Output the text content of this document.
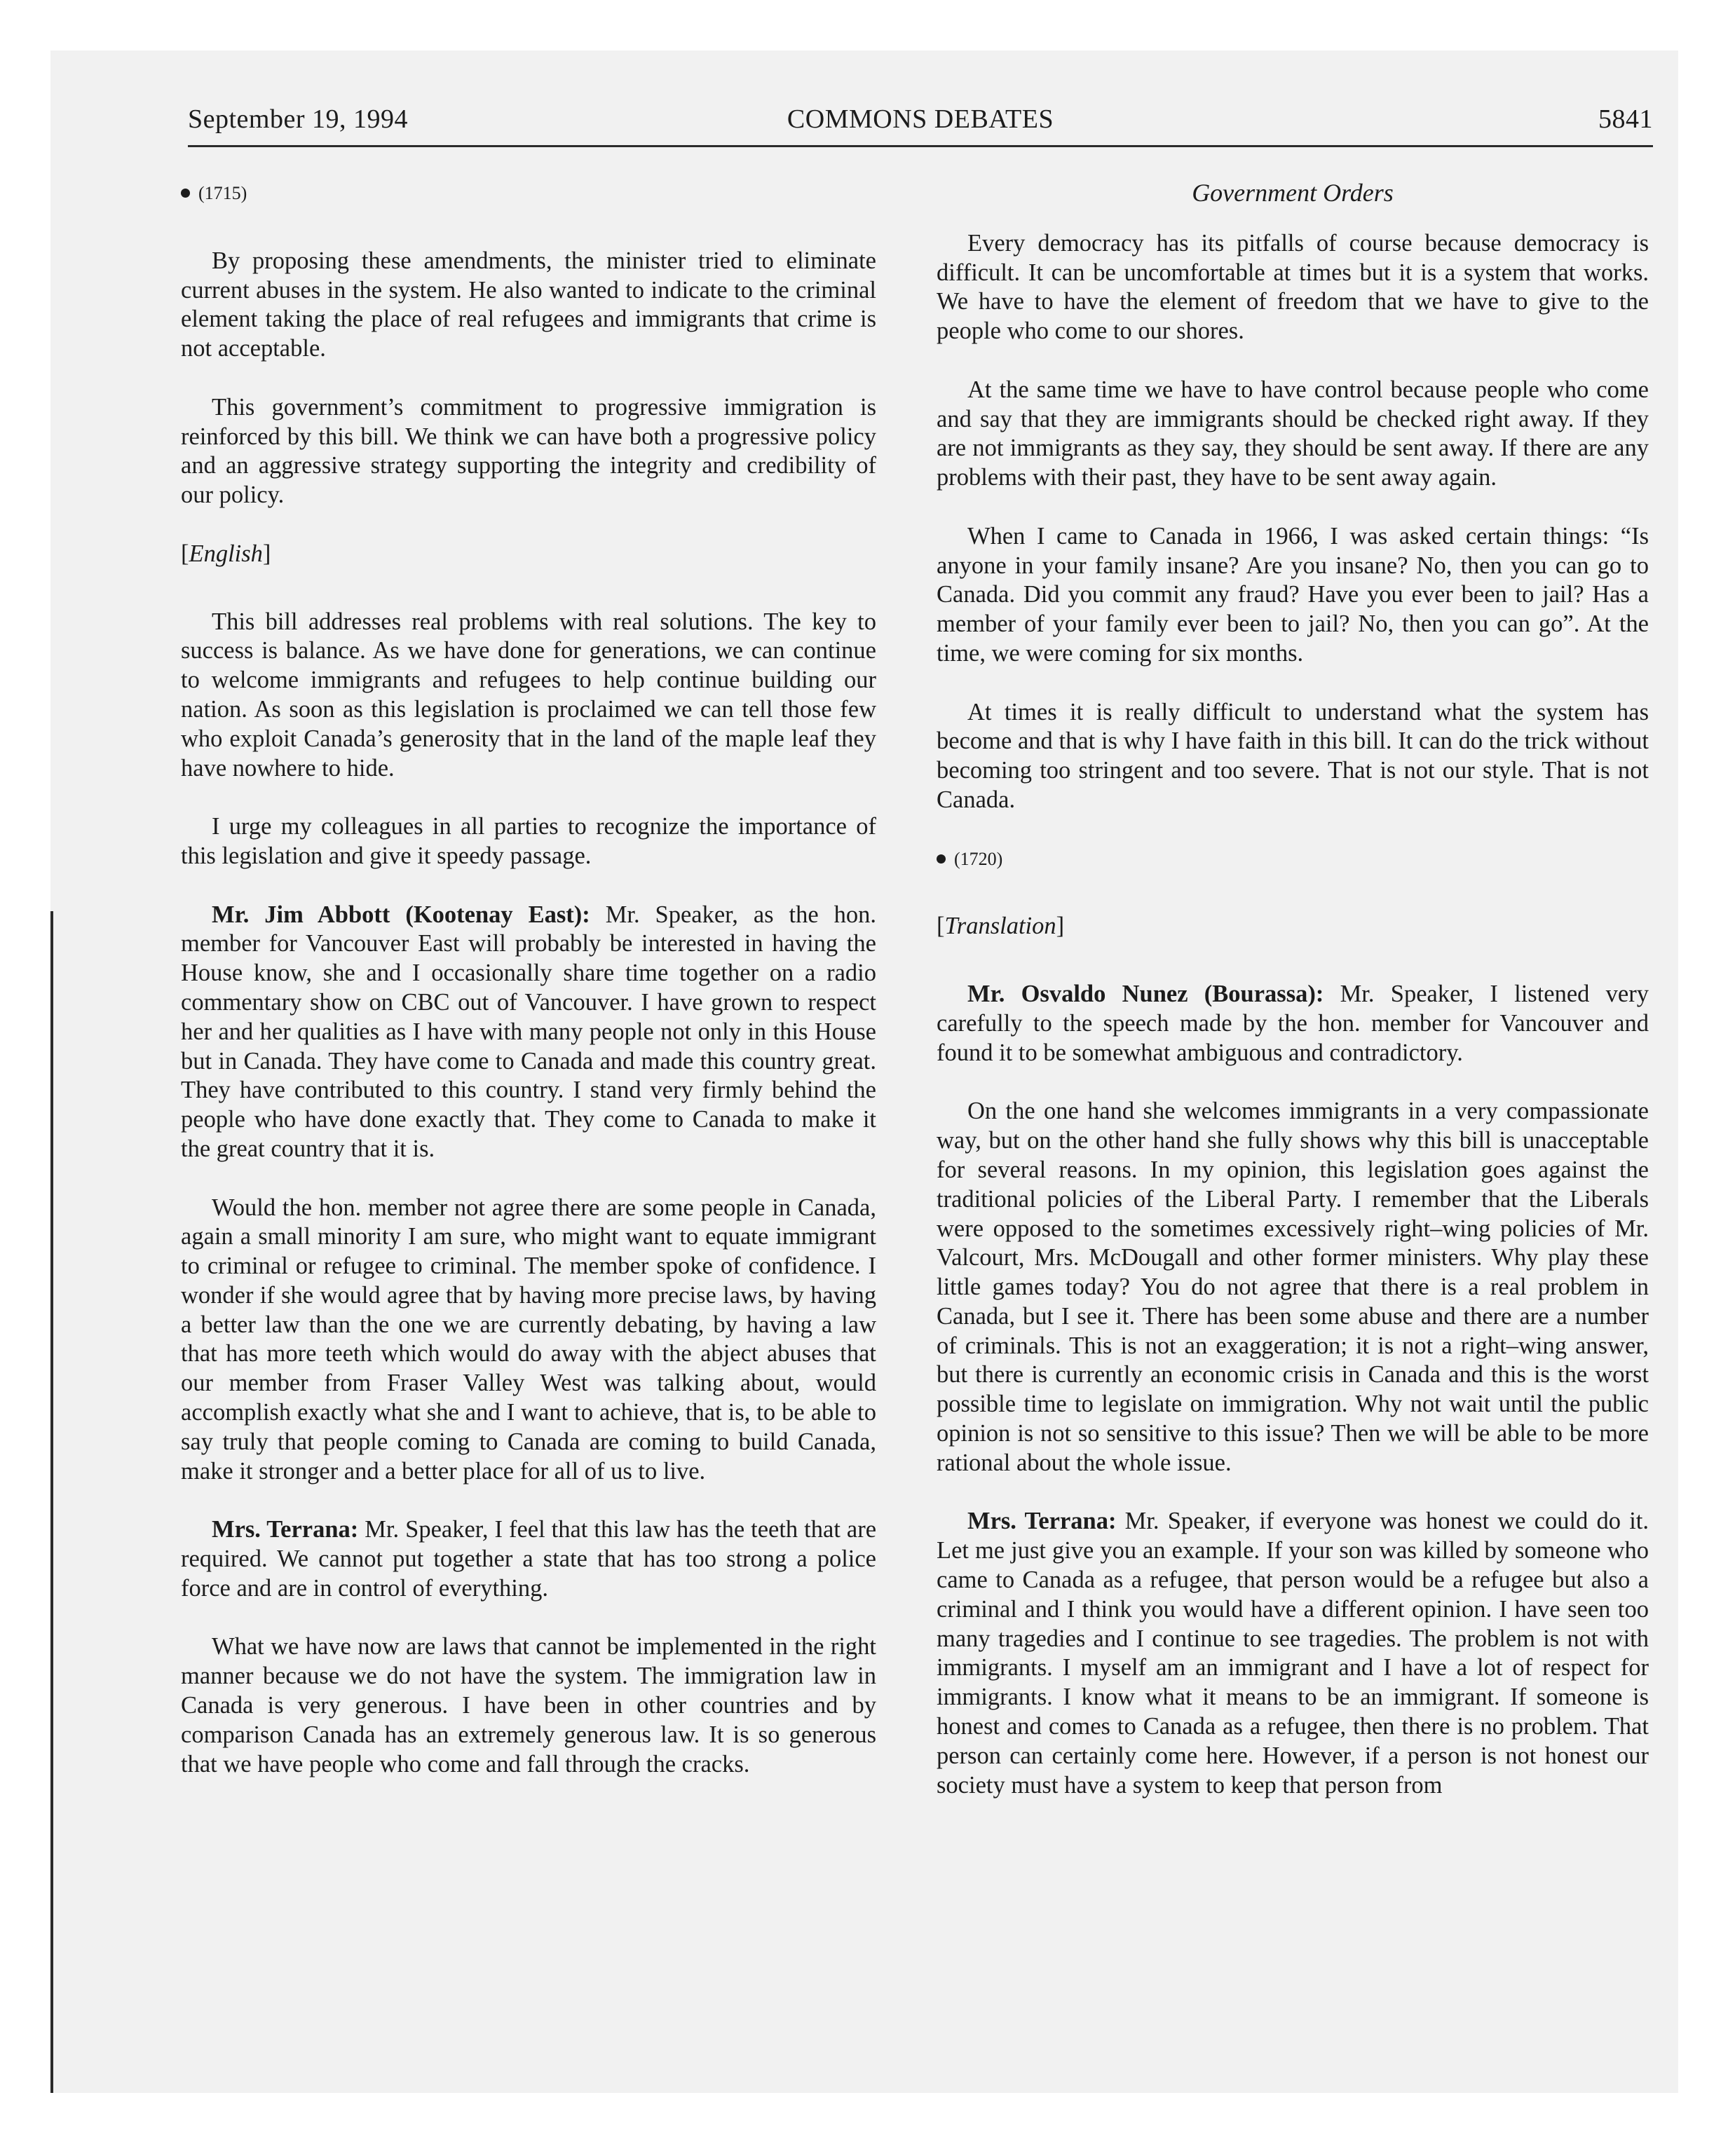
COMMONS DEBATES
September 19, 1994	5841

(1715)

By proposing these amendments, the minister tried to eliminate current abuses in the system. He also wanted to indicate to the criminal element taking the place of real refugees and immigrants that crime is not acceptable.

This government’s commitment to progressive immigration is reinforced by this bill. We think we can have both a progressive policy and an aggressive strategy supporting the integrity and credibility of our policy.

[English]

This bill addresses real problems with real solutions. The key to success is balance. As we have done for generations, we can continue to welcome immigrants and refugees to help continue building our nation. As soon as this legislation is proclaimed we can tell those few who exploit Canada’s generosity that in the land of the maple leaf they have nowhere to hide.

I urge my colleagues in all parties to recognize the importance of this legislation and give it speedy passage.

Mr. Jim Abbott (Kootenay East): Mr. Speaker, as the hon. member for Vancouver East will probably be interested in having the House know, she and I occasionally share time together on a radio commentary show on CBC out of Vancouver. I have grown to respect her and her qualities as I have with many people not only in this House but in Canada. They have come to Canada and made this country great. They have contributed to this country. I stand very firmly behind the people who have done exactly that. They come to Canada to make it the great country that it is.

Would the hon. member not agree there are some people in Canada, again a small minority I am sure, who might want to equate immigrant to criminal or refugee to criminal. The member spoke of confidence. I wonder if she would agree that by having more precise laws, by having a better law than the one we are currently debating, by having a law that has more teeth which would do away with the abject abuses that our member from Fraser Valley West was talking about, would accomplish exactly what she and I want to achieve, that is, to be able to say truly that people coming to Canada are coming to build Canada, make it stronger and a better place for all of us to live.

Mrs. Terrana: Mr. Speaker, I feel that this law has the teeth that are required. We cannot put together a state that has too strong a police force and are in control of everything.

What we have now are laws that cannot be implemented in the right manner because we do not have the system. The immigration law in Canada is very generous. I have been in other countries and by comparison Canada has an extremely generous law. It is so generous that we have people who come and fall through the cracks.

Government Orders

Every democracy has its pitfalls of course because democracy is difficult. It can be uncomfortable at times but it is a system that works. We have to have the element of freedom that we have to give to the people who come to our shores.

At the same time we have to have control because people who come and say that they are immigrants should be checked right away. If they are not immigrants as they say, they should be sent away. If there are any problems with their past, they have to be sent away again.

When I came to Canada in 1966, I was asked certain things: “Is anyone in your family insane? Are you insane? No, then you can go to Canada. Did you commit any fraud? Have you ever been to jail? Has a member of your family ever been to jail? No, then you can go”. At the time, we were coming for six months.

At times it is really difficult to understand what the system has become and that is why I have faith in this bill. It can do the trick without becoming too stringent and too severe. That is not our style. That is not Canada.

(1720)

[Translation]

Mr. Osvaldo Nunez (Bourassa): Mr. Speaker, I listened very carefully to the speech made by the hon. member for Vancouver and found it to be somewhat ambiguous and contradictory.

On the one hand she welcomes immigrants in a very compassionate way, but on the other hand she fully shows why this bill is unacceptable for several reasons. In my opinion, this legislation goes against the traditional policies of the Liberal Party. I remember that the Liberals were opposed to the sometimes excessively right–wing policies of Mr. Valcourt, Mrs. McDougall and other former ministers. Why play these little games today? You do not agree that there is a real problem in Canada, but I see it. There has been some abuse and there are a number of criminals. This is not an exaggeration; it is not a right–wing answer, but there is currently an economic crisis in Canada and this is the worst possible time to legislate on immigration. Why not wait until the public opinion is not so sensitive to this issue? Then we will be able to be more rational about the whole issue.

Mrs. Terrana: Mr. Speaker, if everyone was honest we could do it. Let me just give you an example. If your son was killed by someone who came to Canada as a refugee, that person would be a refugee but also a criminal and I think you would have a different opinion. I have seen too many tragedies and I continue to see tragedies. The problem is not with immigrants. I myself am an immigrant and I have a lot of respect for immigrants. I know what it means to be an immigrant. If someone is honest and comes to Canada as a refugee, then there is no problem. That person can certainly come here. However, if a person is not honest our society must have a system to keep that person from
